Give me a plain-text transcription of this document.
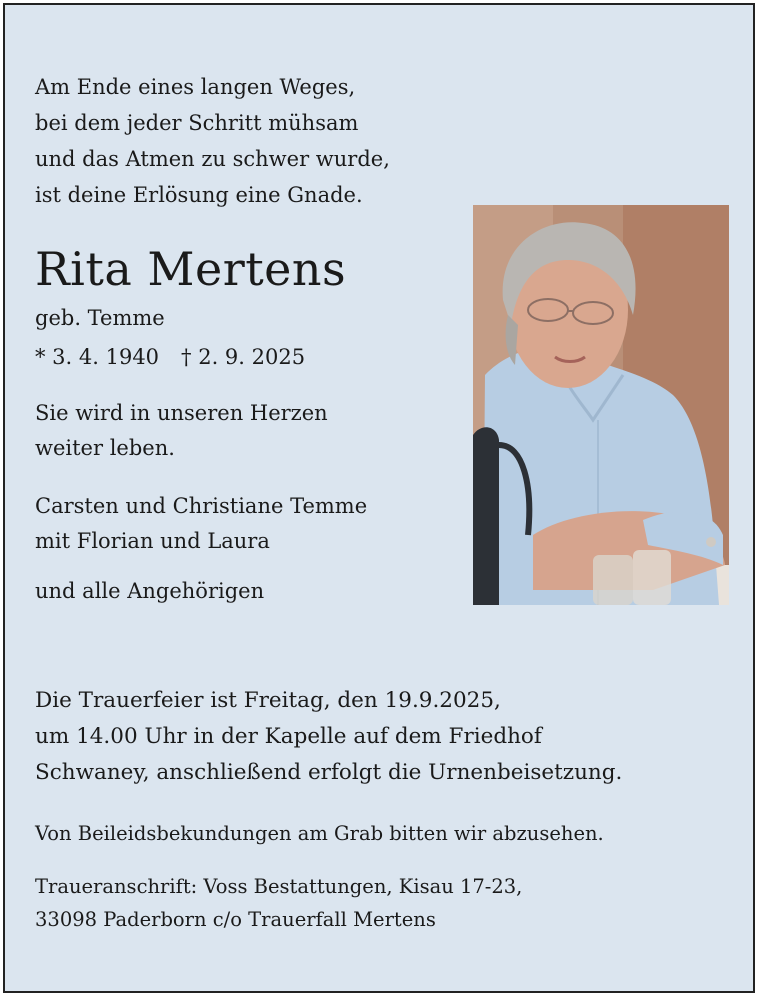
Am Ende eines langen Weges,
bei dem jeder Schritt mühsam
und das Atmen zu schwer wurde,
ist deine Erlösung eine Gnade.

Rita Mertens
geb. Temme
* 3. 4. 1940 † 2. 9. 2025

Sie wird in unseren Herzen
weiter leben.

Carsten und Christiane Temme
mit Florian und Laura

und alle Angehörigen

Die Trauerfeier ist Freitag, den 19.9.2025,
um 14.00 Uhr in der Kapelle auf dem Friedhof
Schwaney, anschließend erfolgt die Urnenbeisetzung.

Von Beileidsbekundungen am Grab bitten wir abzusehen.

Traueranschrift: Voss Bestattungen, Kisau 17-23,
33098 Paderborn c/o Trauerfall Mertens
